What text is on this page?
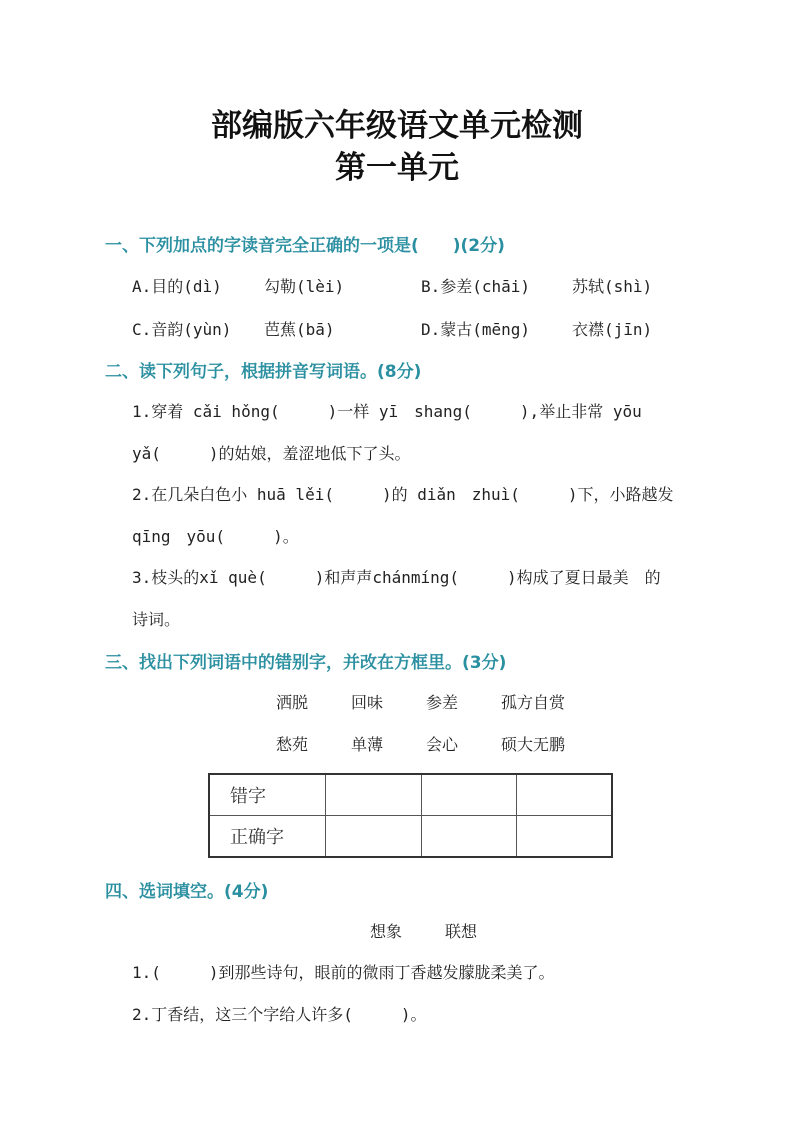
部编版六年级语文单元检测
第一单元
一、下列加点的字读音完全正确的一项是(　　)(2分)
A.目的(dì)	勾勒(lèi)	B.参差(chāi)	苏轼(shì)
C.音韵(yùn) 芭蕉(bā)	D.蒙古(mēng)	衣襟(jīn)
二、读下列句子，根据拼音写词语。(8分)
1.穿着 cǎi hǒng(　　　)一样 yī　shang(　　　),举止非常 yōu
yǎ(　　　)的姑娘，羞涩地低下了头。
2.在几朵白色小 huā lěi(　　　)的 diǎn　zhuì(　　　)下，小路越发
qīng　yōu(　　　)。
3.枝头的xǐ què(　　　)和声声chánmíng(　　　)构成了夏日最美　的
诗词。
三、找出下列词语中的错别字，并改在方框里。(3分)
洒脱	回味	参差	孤方自赏
愁苑	单薄	会心	硕大无鹏
错字			
正确字			
四、选词填空。(4分)
想象	联想
1.(　　　)到那些诗句，眼前的微雨丁香越发朦胧柔美了。
2.丁香结，这三个字给人许多(　　　)。
